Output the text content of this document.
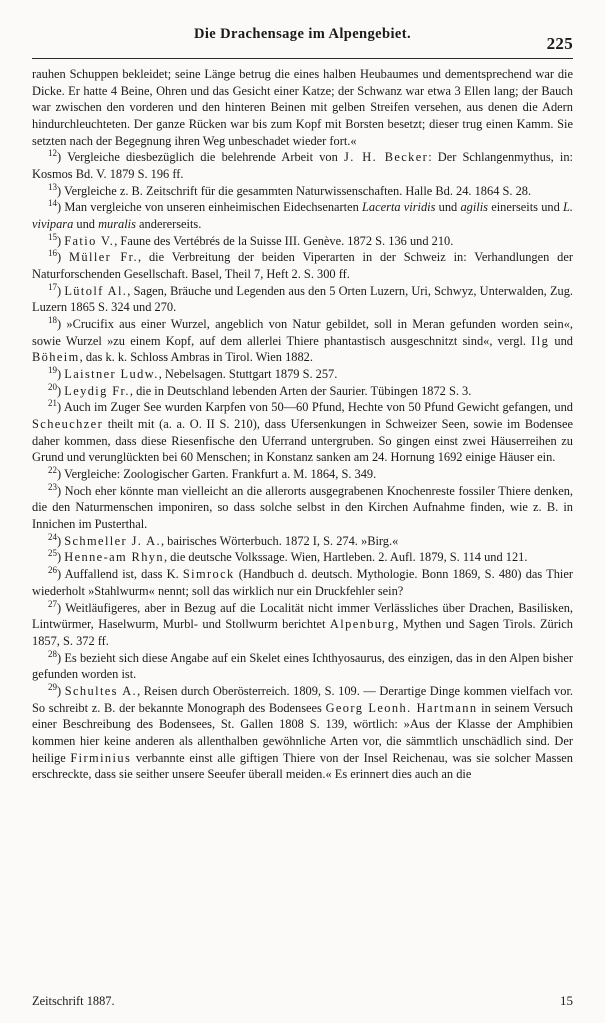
Die Drachensage im Alpengebiet.	225

rauhen Schuppen bekleidet; seine Länge betrug die eines halben Heubaumes und dementsprechend war die Dicke. Er hatte 4 Beine, Ohren und das Gesicht einer Katze; der Schwanz war etwa 3 Ellen lang; der Bauch war zwischen den vorderen und den hinteren Beinen mit gelben Streifen versehen, aus denen die Adern hindurchleuchteten. Der ganze Rücken war bis zum Kopf mit Borsten besetzt; dieser trug einen Kamm. Sie setzten nach der Begegnung ihren Weg unbeschadet wieder fort.«

$^{12}$) Vergleiche diesbezüglich die belehrende Arbeit von J. H. Becker: Der Schlangenmythus, in: Kosmos Bd. V. 1879 S. 196 ff.

$^{13}$) Vergleiche z. B. Zeitschrift für die gesammten Naturwissenschaften. Halle Bd. 24. 1864 S. 28.

$^{14}$) Man vergleiche von unseren einheimischen Eidechsenarten Lacerta viridis und agilis einerseits und L. vivipara und muralis andererseits.

$^{15}$) Fatio V., Faune des Vertébrés de la Suisse III. Genève. 1872 S. 136 und 210.

$^{16}$) Müller Fr., die Verbreitung der beiden Viperarten in der Schweiz in: Verhandlungen der Naturforschenden Gesellschaft. Basel, Theil 7, Heft 2. S. 300 ff.

$^{17}$) Lütolf Al., Sagen, Bräuche und Legenden aus den 5 Orten Luzern, Uri, Schwyz, Unterwalden, Zug. Luzern 1865 S. 324 und 270.

$^{18}$) »Crucifix aus einer Wurzel, angeblich von Natur gebildet, soll in Meran gefunden worden sein«, sowie Wurzel »zu einem Kopf, auf dem allerlei Thiere phantastisch ausgeschnitzt sind«, vergl. Ilg und Böheim, das k. k. Schloss Ambras in Tirol. Wien 1882.

$^{19}$) Laistner Ludw., Nebelsagen. Stuttgart 1879 S. 257.

$^{20}$) Leydig Fr., die in Deutschland lebenden Arten der Saurier. Tübingen 1872 S. 3.

$^{21}$) Auch im Zuger See wurden Karpfen von 50—60 Pfund, Hechte von 50 Pfund Gewicht gefangen, und Scheuchzer theilt mit (a. a. O. II S. 210), dass Ufersenkungen in Schweizer Seen, sowie im Bodensee daher kommen, dass diese Riesenfische den Uferrand untergruben. So gingen einst zwei Häuserreihen zu Grund und verunglückten bei 60 Menschen; in Konstanz sanken am 24. Hornung 1692 einige Häuser ein.

$^{22}$) Vergleiche: Zoologischer Garten. Frankfurt a. M. 1864, S. 349.

$^{23}$) Noch eher könnte man vielleicht an die allerorts ausgegrabenen Knochenreste fossiler Thiere denken, die den Naturmenschen imponiren, so dass solche selbst in den Kirchen Aufnahme finden, wie z. B. in Innichen im Pusterthal.

$^{24}$) Schmeller J. A., bairisches Wörterbuch. 1872 I, S. 274. »Birg.«

$^{25}$) Henne-am Rhyn, die deutsche Volkssage. Wien, Hartleben. 2. Aufl. 1879, S. 114 und 121.

$^{26}$) Auffallend ist, dass K. Simrock (Handbuch d. deutsch. Mythologie. Bonn 1869, S. 480) das Thier wiederholt »Stahlwurm« nennt; soll das wirklich nur ein Druckfehler sein?

$^{27}$) Weitläufigeres, aber in Bezug auf die Localität nicht immer Verlässliches über Drachen, Basilisken, Lintwürmer, Haselwurm, Murbl- und Stollwurm berichtet Alpenburg, Mythen und Sagen Tirols. Zürich 1857, S. 372 ff.

$^{28}$) Es bezieht sich diese Angabe auf ein Skelet eines Ichthyosaurus, des einzigen, das in den Alpen bisher gefunden worden ist.

$^{29}$) Schultes A., Reisen durch Oberösterreich. 1809, S. 109. — Derartige Dinge kommen vielfach vor. So schreibt z. B. der bekannte Monograph des Bodensees Georg Leonh. Hartmann in seinem Versuch einer Beschreibung des Bodensees, St. Gallen 1808 S. 139, wörtlich: »Aus der Klasse der Amphibien kommen hier keine anderen als allenthalben gewöhnliche Arten vor, die sämmtlich unschädlich sind. Der heilige Firminius verbannte einst alle giftigen Thiere von der Insel Reichenau, was sie solcher Massen erschreckte, dass sie seither unsere Seeufer überall meiden.« Es erinnert dies auch an die

Zeitschrift 1887.	15
